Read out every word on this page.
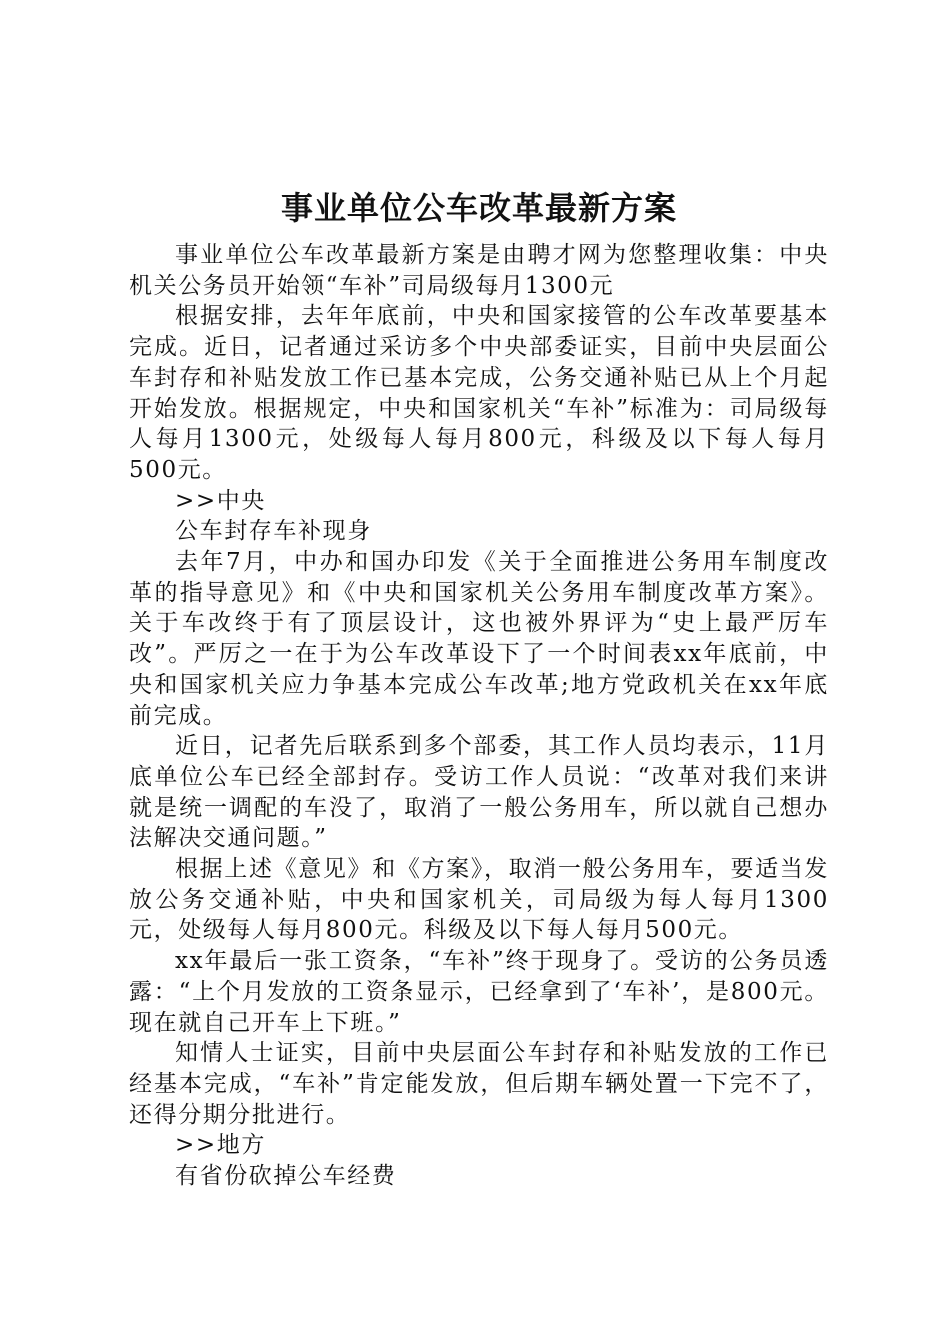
事业单位公车改革最新方案

事业单位公车改革最新方案是由聘才网为您整理收集：中央机关公务员开始领“车补”司局级每月1300元

根据安排，去年年底前，中央和国家接管的公车改革要基本完成。近日，记者通过采访多个中央部委证实，目前中央层面公车封存和补贴发放工作已基本完成，公务交通补贴已从上个月起开始发放。根据规定，中央和国家机关“车补”标准为：司局级每人每月1300元，处级每人每月800元，科级及以下每人每月500元。

>>中央

公车封存车补现身

去年7月，中办和国办印发《关于全面推进公务用车制度改革的指导意见》和《中央和国家机关公务用车制度改革方案》。关于车改终于有了顶层设计，这也被外界评为“史上最严厉车改”。严厉之一在于为公车改革设下了一个时间表xx年底前，中央和国家机关应力争基本完成公车改革;地方党政机关在xx年底前完成。

近日，记者先后联系到多个部委，其工作人员均表示，11月底单位公车已经全部封存。受访工作人员说：“改革对我们来讲就是统一调配的车没了，取消了一般公务用车，所以就自己想办法解决交通问题。”

根据上述《意见》和《方案》，取消一般公务用车，要适当发放公务交通补贴，中央和国家机关，司局级为每人每月1300元，处级每人每月800元。科级及以下每人每月500元。

xx年最后一张工资条，“车补”终于现身了。受访的公务员透露：“上个月发放的工资条显示，已经拿到了‘车补’，是800元。现在就自己开车上下班。”

知情人士证实，目前中央层面公车封存和补贴发放的工作已经基本完成，“车补”肯定能发放，但后期车辆处置一下完不了，还得分期分批进行。

>>地方

有省份砍掉公车经费
